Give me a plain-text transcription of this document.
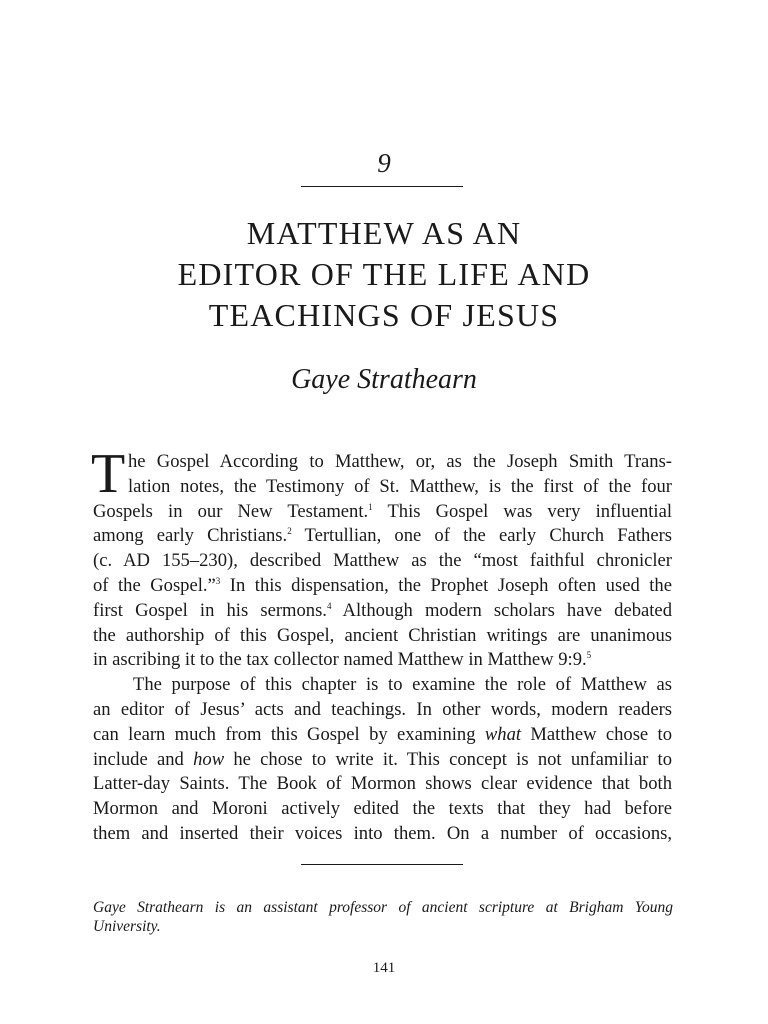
9
MATTHEW AS AN
EDITOR OF THE LIFE AND
TEACHINGS OF JESUS
Gaye Strathearn
T he Gospel According to Matthew, or, as the Joseph Smith Trans-
lation notes, the Testimony of St. Matthew, is the first of the four
Gospels in our New Testament.$^1$ This Gospel was very influential
among early Christians.$^2$ Tertullian, one of the early Church Fathers
(c. AD 155–230), described Matthew as the “most faithful chronicler
of the Gospel.”$^3$ In this dispensation, the Prophet Joseph often used the
first Gospel in his sermons.$^4$ Although modern scholars have debated
the authorship of this Gospel, ancient Christian writings are unanimous
in ascribing it to the tax collector named Matthew in Matthew 9:9.$^5$
The purpose of this chapter is to examine the role of Matthew as
an editor of Jesus’ acts and teachings. In other words, modern readers
can learn much from this Gospel by examining what Matthew chose to
include and how he chose to write it. This concept is not unfamiliar to
Latter-day Saints. The Book of Mormon shows clear evidence that both
Mormon and Moroni actively edited the texts that they had before
them and inserted their voices into them. On a number of occasions,
Gaye Strathearn is an assistant professor of ancient scripture at Brigham Young
University.
141
